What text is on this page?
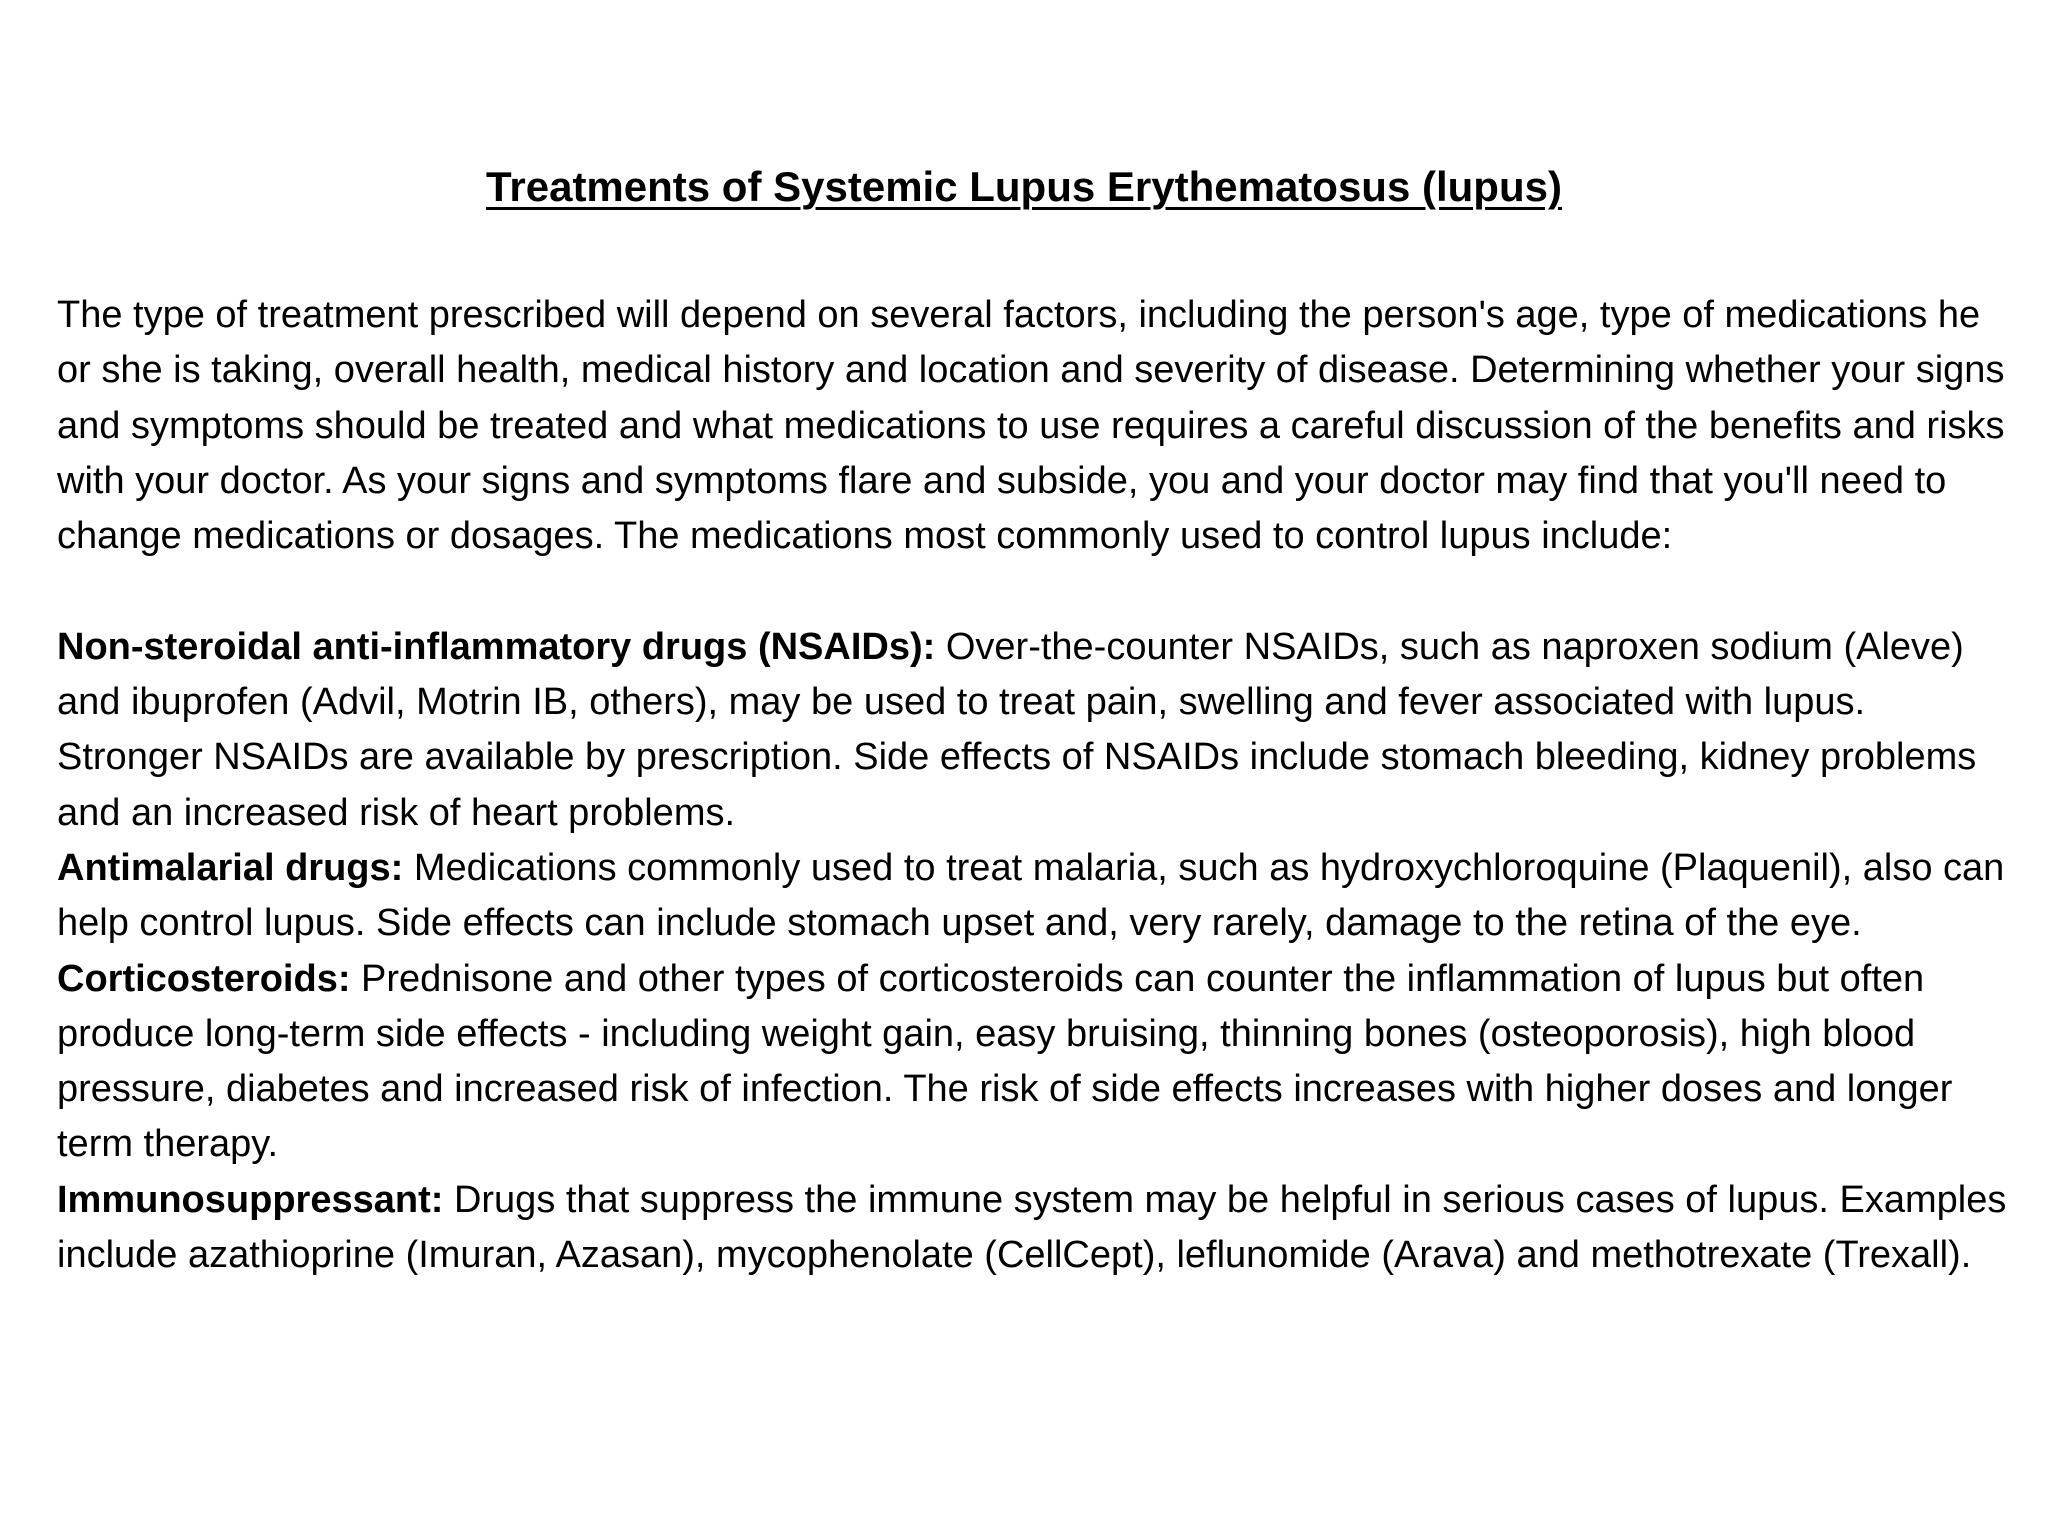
Treatments of Systemic Lupus Erythematosus (lupus)

The type of treatment prescribed will depend on several factors, including the person's age, type of medications he or she is taking, overall health, medical history and location and severity of disease. Determining whether your signs and symptoms should be treated and what medications to use requires a careful discussion of the benefits and risks with your doctor. As your signs and symptoms flare and subside, you and your doctor may find that you'll need to change medications or dosages. The medications most commonly used to control lupus include:

Non-steroidal anti-inflammatory drugs (NSAIDs): Over-the-counter NSAIDs, such as naproxen sodium (Aleve) and ibuprofen (Advil, Motrin IB, others), may be used to treat pain, swelling and fever associated with lupus. Stronger NSAIDs are available by prescription. Side effects of NSAIDs include stomach bleeding, kidney problems and an increased risk of heart problems.

Antimalarial drugs: Medications commonly used to treat malaria, such as hydroxychloroquine (Plaquenil), also can help control lupus. Side effects can include stomach upset and, very rarely, damage to the retina of the eye.

Corticosteroids: Prednisone and other types of corticosteroids can counter the inflammation of lupus but often produce long-term side effects - including weight gain, easy bruising, thinning bones (osteoporosis), high blood pressure, diabetes and increased risk of infection. The risk of side effects increases with higher doses and longer term therapy.

Immunosuppressant: Drugs that suppress the immune system may be helpful in serious cases of lupus. Examples include azathioprine (Imuran, Azasan), mycophenolate (CellCept), leflunomide (Arava) and methotrexate (Trexall).
